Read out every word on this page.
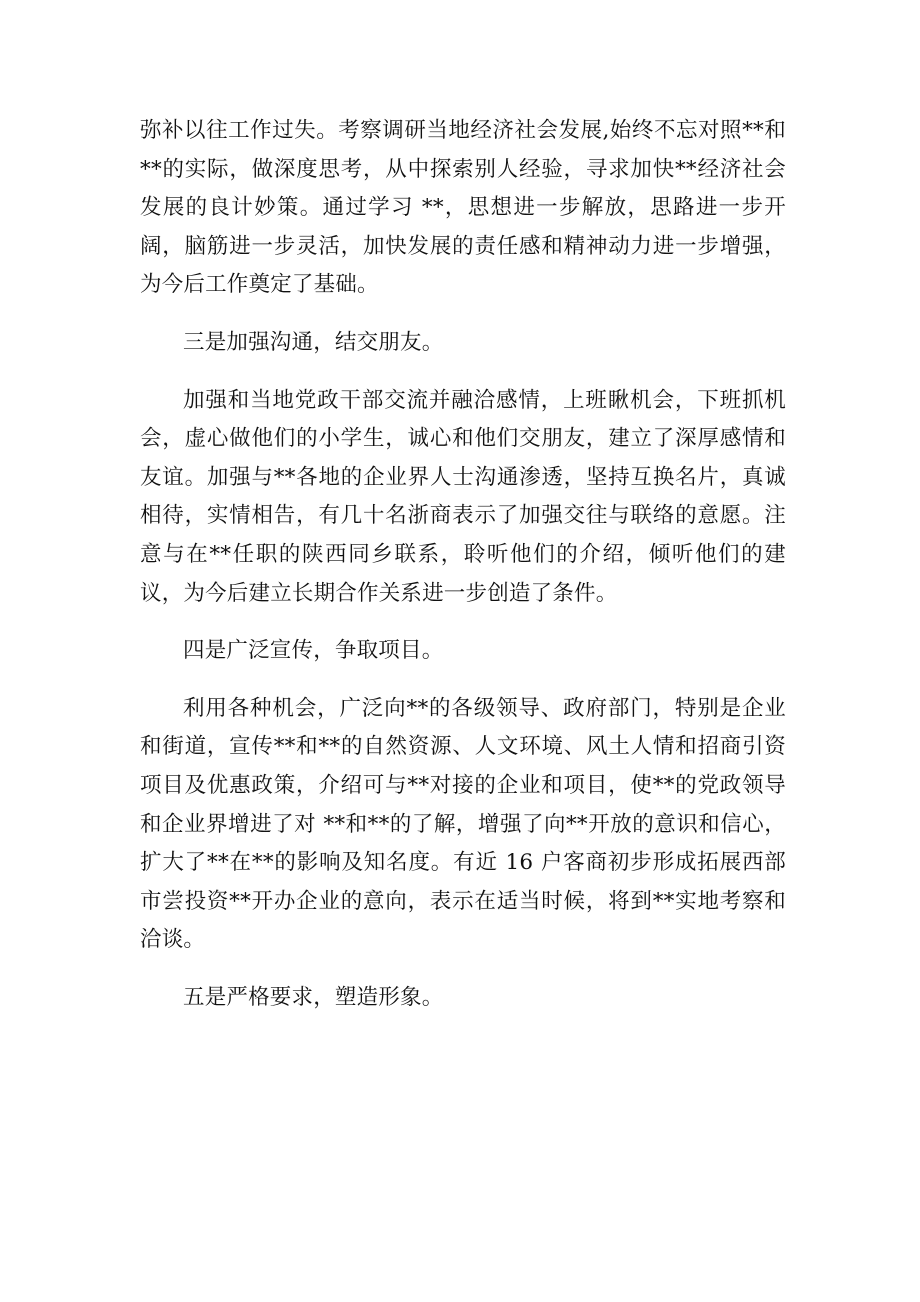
弥补以往工作过失。考察调研当地经济社会发展,始终不忘对照**和**的实际，做深度思考，从中探索别人经验，寻求加快**经济社会发展的良计妙策。通过学习 **，思想进一步解放，思路进一步开阔，脑筋进一步灵活，加快发展的责任感和精神动力进一步增强，为今后工作奠定了基础。

三是加强沟通，结交朋友。

加强和当地党政干部交流并融洽感情，上班瞅机会，下班抓机会，虚心做他们的小学生，诚心和他们交朋友，建立了深厚感情和友谊。加强与**各地的企业界人士沟通渗透，坚持互换名片，真诚相待，实情相告，有几十名浙商表示了加强交往与联络的意愿。注意与在**任职的陕西同乡联系，聆听他们的介绍，倾听他们的建议，为今后建立长期合作关系进一步创造了条件。

四是广泛宣传，争取项目。

利用各种机会，广泛向**的各级领导、政府部门，特别是企业和街道，宣传**和**的自然资源、人文环境、风土人情和招商引资项目及优惠政策，介绍可与**对接的企业和项目，使**的党政领导和企业界增进了对 **和**的了解，增强了向**开放的意识和信心，扩大了**在**的影响及知名度。有近 16 户客商初步形成拓展西部市尝投资**开办企业的意向，表示在适当时候，将到**实地考察和洽谈。

五是严格要求，塑造形象。
